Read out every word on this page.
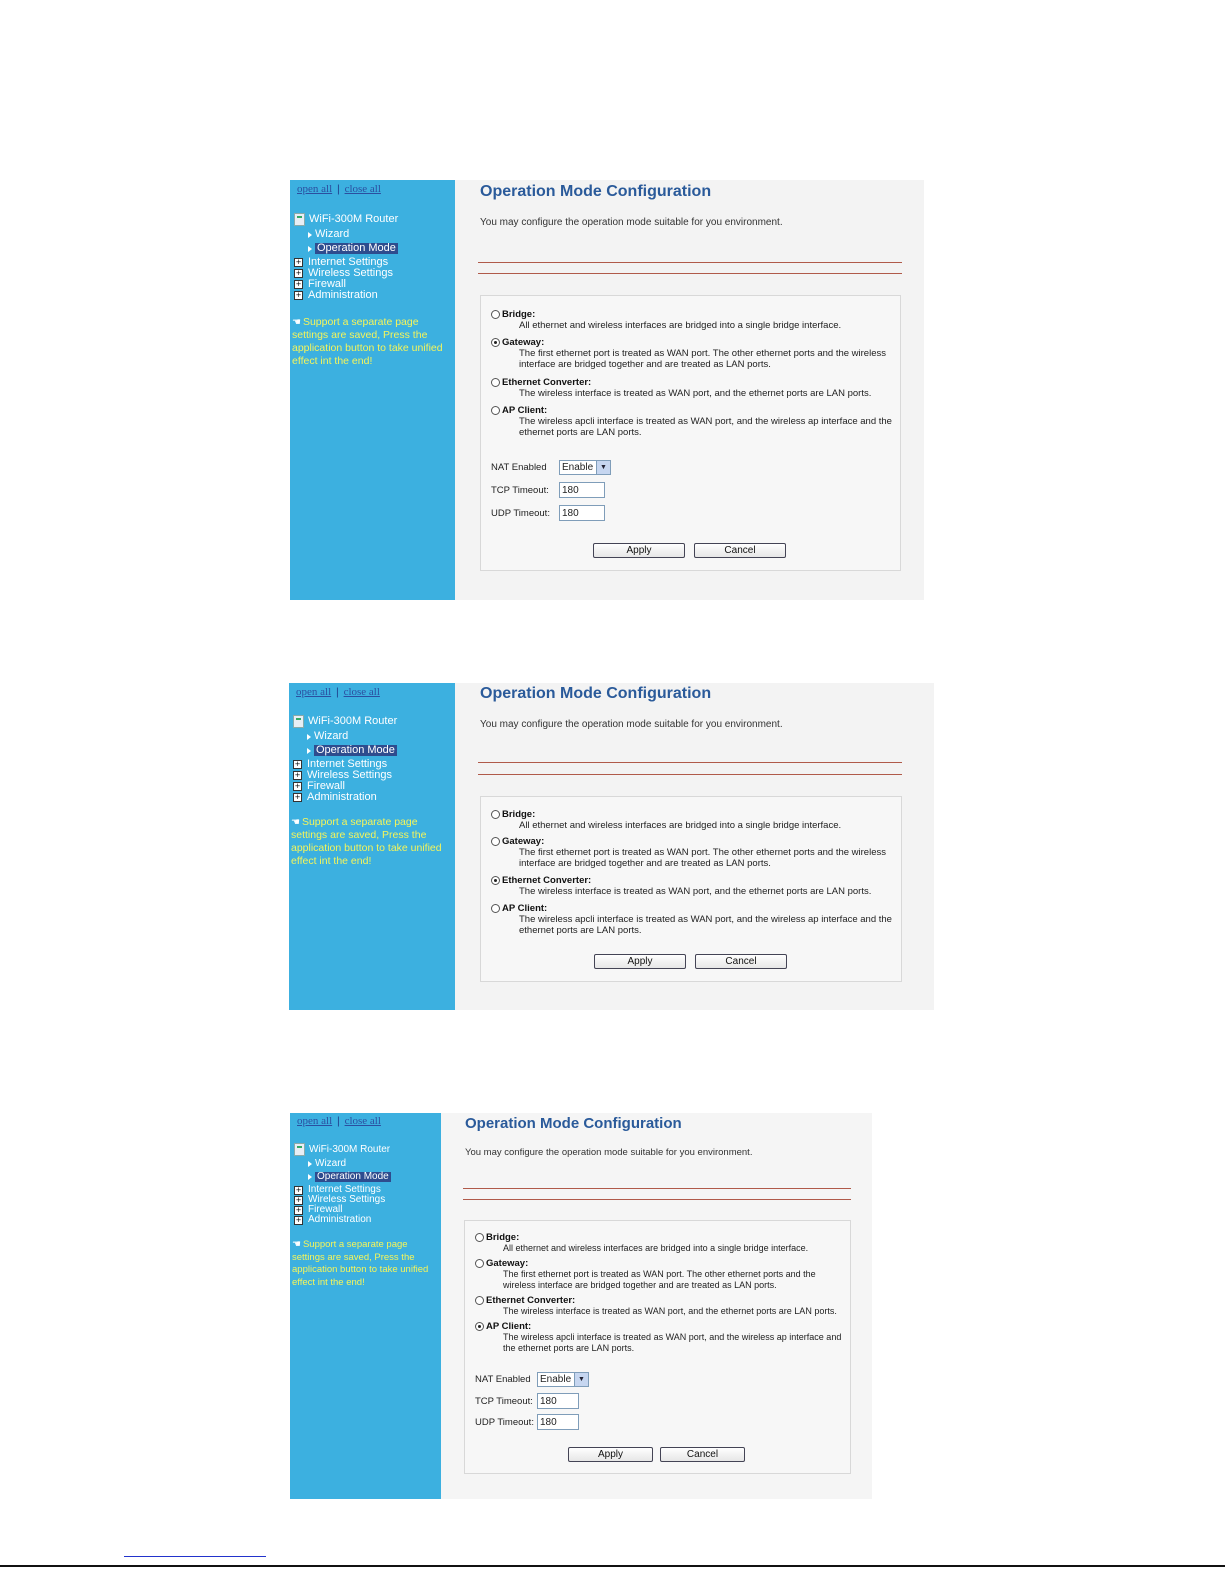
open all | close all
WiFi-300M Router
Wizard
Operation Mode
+ Internet Settings
+ Wireless Settings
+ Firewall
+ Administration
☚ Support a separate page settings are saved, Press the application button to take unified effect int the end!
Operation Mode Configuration
You may configure the operation mode suitable for you environment.
Bridge:
All ethernet and wireless interfaces are bridged into a single bridge interface.
Gateway:
The first ethernet port is treated as WAN port. The other ethernet ports and the wireless interface are bridged together and are treated as LAN ports.
Ethernet Converter:
The wireless interface is treated as WAN port, and the ethernet ports are LAN ports.
AP Client:
The wireless apcli interface is treated as WAN port, and the wireless ap interface and the ethernet ports are LAN ports.
NAT Enabled	Enable ▼
TCP Timeout:	180
UDP Timeout:	180
Apply	Cancel
open all | close all
WiFi-300M Router
Wizard
Operation Mode
+ Internet Settings
+ Wireless Settings
+ Firewall
+ Administration
☚ Support a separate page settings are saved, Press the application button to take unified effect int the end!
Operation Mode Configuration
You may configure the operation mode suitable for you environment.
Bridge:
All ethernet and wireless interfaces are bridged into a single bridge interface.
Gateway:
The first ethernet port is treated as WAN port. The other ethernet ports and the wireless interface are bridged together and are treated as LAN ports.
Ethernet Converter:
The wireless interface is treated as WAN port, and the ethernet ports are LAN ports.
AP Client:
The wireless apcli interface is treated as WAN port, and the wireless ap interface and the ethernet ports are LAN ports.
Apply	Cancel
open all | close all
WiFi-300M Router
Wizard
Operation Mode
+ Internet Settings
+ Wireless Settings
+ Firewall
+ Administration
☚ Support a separate page settings are saved, Press the application button to take unified effect int the end!
Operation Mode Configuration
You may configure the operation mode suitable for you environment.
Bridge:
All ethernet and wireless interfaces are bridged into a single bridge interface.
Gateway:
The first ethernet port is treated as WAN port. The other ethernet ports and the wireless interface are bridged together and are treated as LAN ports.
Ethernet Converter:
The wireless interface is treated as WAN port, and the ethernet ports are LAN ports.
AP Client:
The wireless apcli interface is treated as WAN port, and the wireless ap interface and the ethernet ports are LAN ports.
NAT Enabled Enable ▼
TCP Timeout: 180
UDP Timeout: 180
Apply	Cancel
